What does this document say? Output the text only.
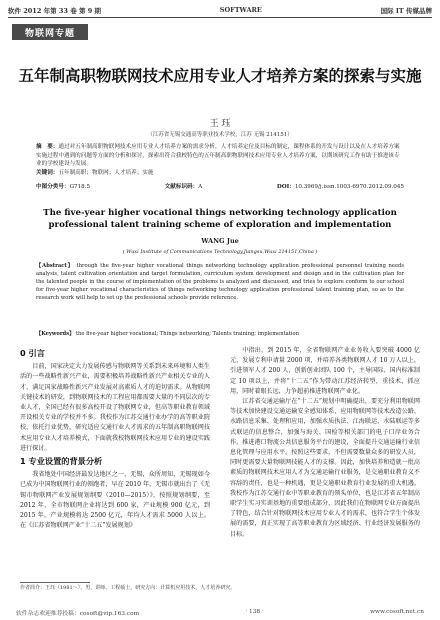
软件 2012 年第 33 卷 第 9 期	SOFTWARE	国际 IT 传媒品牌
物联网专题
五年制高职物联网技术应用专业人才培养方案的探索与实施
王 珏
（江苏省无锡交通高等职业技术学校，江苏 无锡 214151）

摘　要：通过对五年制高职物联网技术应用专业人才培养方案的需求分析，人才培养定位及目标的制定，课程体系的开发与设计以及在人才培养方案实施过程中遇到的问题等方面的分析和探讨，探索出符合我校特色的五年制高职物联网技术应用专业人才培养方案，以期该研究工作有助于推进该专业的学校建设与发展。

关键词：五年制高职；物联网；人才培养；实施

中图分类号：G718.5	文献标识码：A	DOI：10.3969/j.issn.1003-6970.2012.09.045
The five-year higher vocational things networking technology application professional talent training scheme of exploration and implementation
WANG Jue
( Wuxi Institute of Communications Technology,Jiangsu,Wuxi 214151,China )
【Abstract】 through the five-year higher vocational things networking technology application professional personnel training needs analysis, talent cultivation orientation and target formulation, curriculum system development and design and in the cultivation plan for the talented people in the course of implementation of the problems is analyzed and discussed, and tries to explore conform to our school for five-year higher vocational characteristics of things networking technology application professional talent training plan, so as to the research work will help to set up the professional schools provide reference.
【Keywords】 the five-year higher vocational; Things networking; Talents training; implementation
0 引言

目前，国家决定大力发展传感与物联网等关系到未来环境和人类生活的一些战略性新兴产业，需要积极培养战略性新兴产业相关专业的人才，满足国家战略性新兴产业发展对高素质人才的迫切需求。从物联网关键技术的研发，到物联网技术的工程应用都需要大量的不同层次的专业人才，全国已经有很多高校开设了物联网专业，但高等职业教育领域开设相关专业的学校并不多。我校作为江苏交通行业办学的高等职业院校，依托行业优势，研究适应交通行业人才需求的五年制高职物联网技术应用专业人才培养模式，下面就我校物联网技术应用专业的建设实践进行探讨。

1 专业设置的背景分析

我省地处中国经济最发达地区之一，无锡，众所周知，无锡现如今已成为中国物联网行业的领跑者，早在 2010 年，无锡市就出台了《无锡市物联网产业发展规划纲要（2010—2015）》，按照规划纲要，至 2012 年，全市物联网企业将达到 600 家，产业规模 900 亿元，到 2015 年，产业规模将达 2500 亿元，年均人才需求 5000 人以上。在《江苏省物联网产业“十二五”发展规划》

中指出，到 2015 年，全省物联网产业业务收入要突破 4000 亿元，发展专利申请量 2000 项，并培养各类物联网人才 10 万人以上，引进领军人才 200 人，创新创业团队 100 个，主导国际、国内标准制定 10 项以上，并将“十二五”作为带动江苏经济转型，重技术，抓应用，同时着眼长远，力争超前推进物联网产业化。

江苏省交通运输厅在“十二五”规划中明确提出，要充分利用物联网等技术加快建设交通运输安全感知体系，应用物联网等技术改造公路、水路信息采集、处理和应用，加强水质执法、江海联运、水陆联运等多式联运的信息整合，加强与海关、国检等相关部门的电子口岸业务合作，推进港口物流公共信息服务平台的建设，全面提升交通运输行业信息化管理与应用水平。按照这些要求，不但需要数量众多的研发人员，同时更需要大量物联网技能人才的支撑。因此，加快培养和造就一批高素质的物联网技术应用人才为交通运输行业服务，是交通职业教育义不容辞的责任，也是一种机遇，更是交通职业教育行业发展的重大机遇。我校作为江苏交通行业中等职业教育的领头单位，也是江苏省五年制高职学生实习实训基地的重要组成部分，因此我们在物联网专业方面提出了特色，结合针对物联网技术应用专业人才的需求，也符合学生个体发展的需要，真正实现了高等职业教育为区域经济、行业经济发展服务的目标。

作者简介：王珏（1981～），男，讲师、工程硕士，研究方向：计算机应用技术，人才培养研究。
软件杂志欢迎推荐投稿：cosoft@vip.163.com	· 138 ·	www.cosoft.net.cn
